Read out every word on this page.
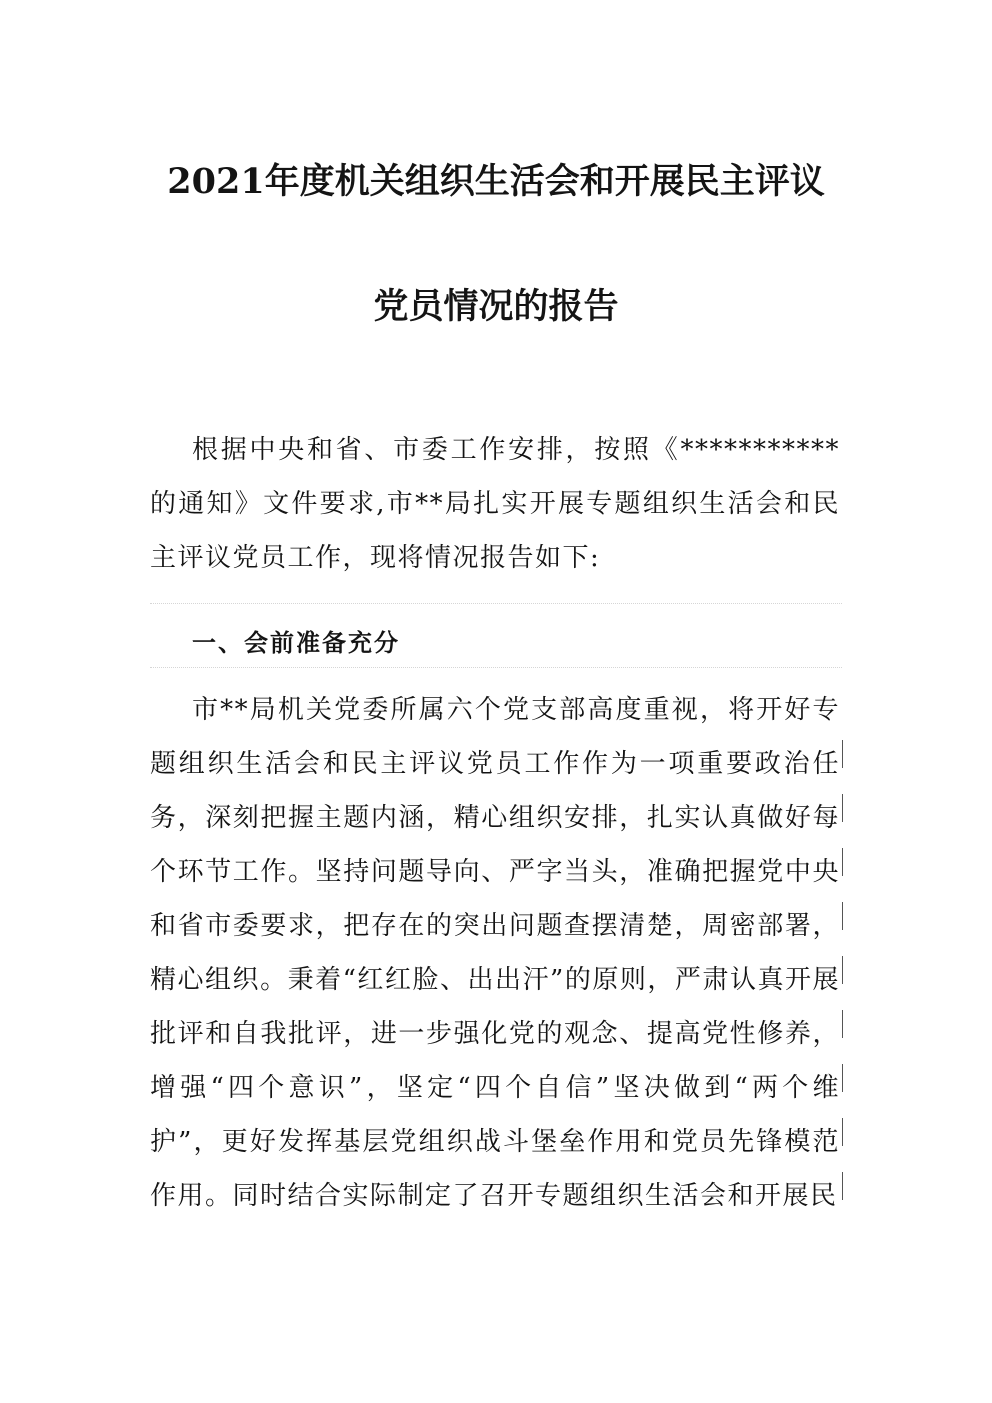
2021年度机关组织生活会和开展民主评议
党员情况的报告

根据中央和省、市委工作安排，按照《***********的通知》文件要求,市**局扎实开展专题组织生活会和民主评议党员工作，现将情况报告如下:

一、会前准备充分

市**局机关党委所属六个党支部高度重视，将开好专题组织生活会和民主评议党员工作作为一项重要政治任务，深刻把握主题内涵，精心组织安排，扎实认真做好每个环节工作。坚持问题导向、严字当头，准确把握党中央和省市委要求，把存在的突出问题查摆清楚，周密部署，精心组织。秉着“红红脸、出出汗”的原则，严肃认真开展批评和自我批评，进一步强化党的观念、提高党性修养，增强“四个意识”，坚定“四个自信”坚决做到“两个维护”，更好发挥基层党组织战斗堡垒作用和党员先锋模范作用。同时结合实际制定了召开专题组织生活会和开展民
